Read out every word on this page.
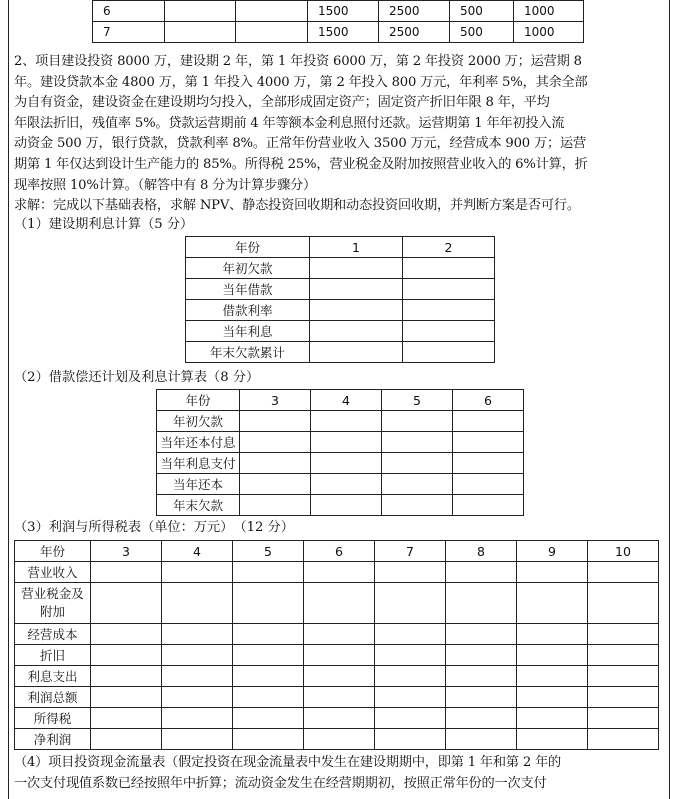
6			1500	2500	500	1000
7			1500	2500	500	1000
2、项目建设投资 8000 万，建设期 2 年，第 1 年投资 6000 万，第 2 年投资 2000 万；运营期 8
年。建设贷款本金 4800 万，第 1 年投入 4000 万，第 2 年投入 800 万元，年利率 5%，其余全部
为自有资金，建设资金在建设期均匀投入，全部形成固定资产；固定资产折旧年限 8 年，平均
年限法折旧，残值率 5%。贷款运营期前 4 年等额本金利息照付还款。运营期第 1 年年初投入流
动资金 500 万，银行贷款，贷款利率 8%。正常年份营业收入 3500 万元，经营成本 900 万；运营
期第 1 年仅达到设计生产能力的 85%。所得税 25%，营业税金及附加按照营业收入的 6%计算，折
现率按照 10%计算。（解答中有 8 分为计算步骤分）
求解：完成以下基础表格，求解 NPV、静态投资回收期和动态投资回收期，并判断方案是否可行。
（1）建设期利息计算（5 分）
年份	1	2
年初欠款		
当年借款		
借款利率		
当年利息		
年末欠款累计		
（2）借款偿还计划及利息计算表（8 分）
年份	3	4	5	6
年初欠款				
当年还本付息				
当年利息支付				
当年还本				
年末欠款				
（3）利润与所得税表（单位：万元）　（12 分）
年份	3	4	5	6	7	8	9	10
营业收入								
营业税金及附加								
经营成本								
折旧								
利息支出								
利润总额								
所得税								
净利润								
（4）项目投资现金流量表（假定投资在现金流量表中发生在建设期期中，即第 1 年和第 2 年的
一次支付现值系数已经按照年中折算；流动资金发生在经营期期初，按照正常年份的一次支付
